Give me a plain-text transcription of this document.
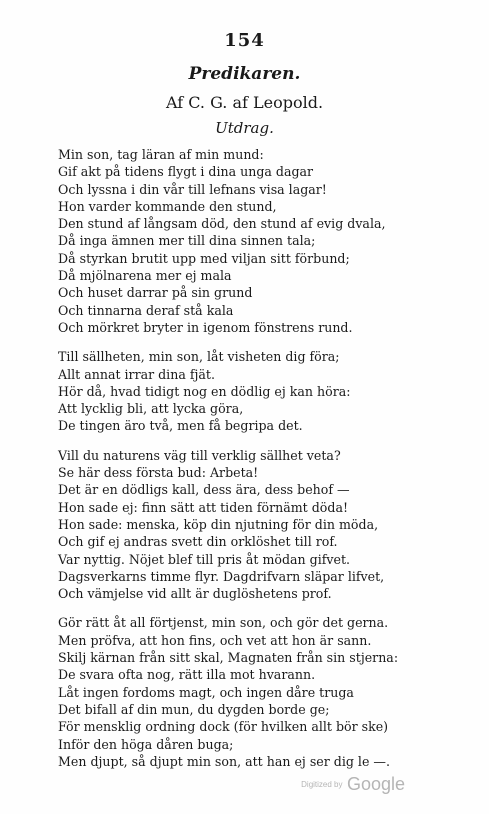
154
Predikaren.
Af C. G. af Leopold.
Utdrag.
Min son, tag läran af min mund:
Gif akt på tidens flygt i dina unga dagar
Och lyssna i din vår till lefnans visa lagar!
Hon varder kommande den stund,
Den stund af långsam död, den stund af evig dvala,
Då inga ämnen mer till dina sinnen tala;
Då styrkan brutit upp med viljan sitt förbund;
Då mjölnarena mer ej mala
Och huset darrar på sin grund
Och tinnarna deraf stå kala
Och mörkret bryter in igenom fönstrens rund.
Till sällheten, min son, låt visheten dig föra;
Allt annat irrar dina fjät.
Hör då, hvad tidigt nog en dödlig ej kan höra:
Att lycklig bli, att lycka göra,
De tingen äro två, men få begripa det.
Vill du naturens väg till verklig sällhet veta?
Se här dess första bud: Arbeta!
Det är en dödligs kall, dess ära, dess behof —
Hon sade ej: finn sätt att tiden förnämt döda!
Hon sade: menska, köp din njutning för din möda,
Och gif ej andras svett din orklöshet till rof.
Var nyttig. Nöjet blef till pris åt mödan gifvet.
Dagsverkarns timme flyr. Dagdrifvarn släpar lifvet,
Och vämjelse vid allt är duglöshetens prof.
Gör rätt åt all förtjenst, min son, och gör det gerna.
Men pröfva, att hon fins, och vet att hon är sann.
Skilj kärnan från sitt skal, Magnaten från sin stjerna:
De svara ofta nog, rätt illa mot hvarann.
Låt ingen fordoms magt, och ingen dåre truga
Det bifall af din mun, du dygden borde ge;
För mensklig ordning dock (för hvilken allt bör ske)
Inför den höga dåren buga;
Men djupt, så djupt min son, att han ej ser dig le —.
Digitized by Google
